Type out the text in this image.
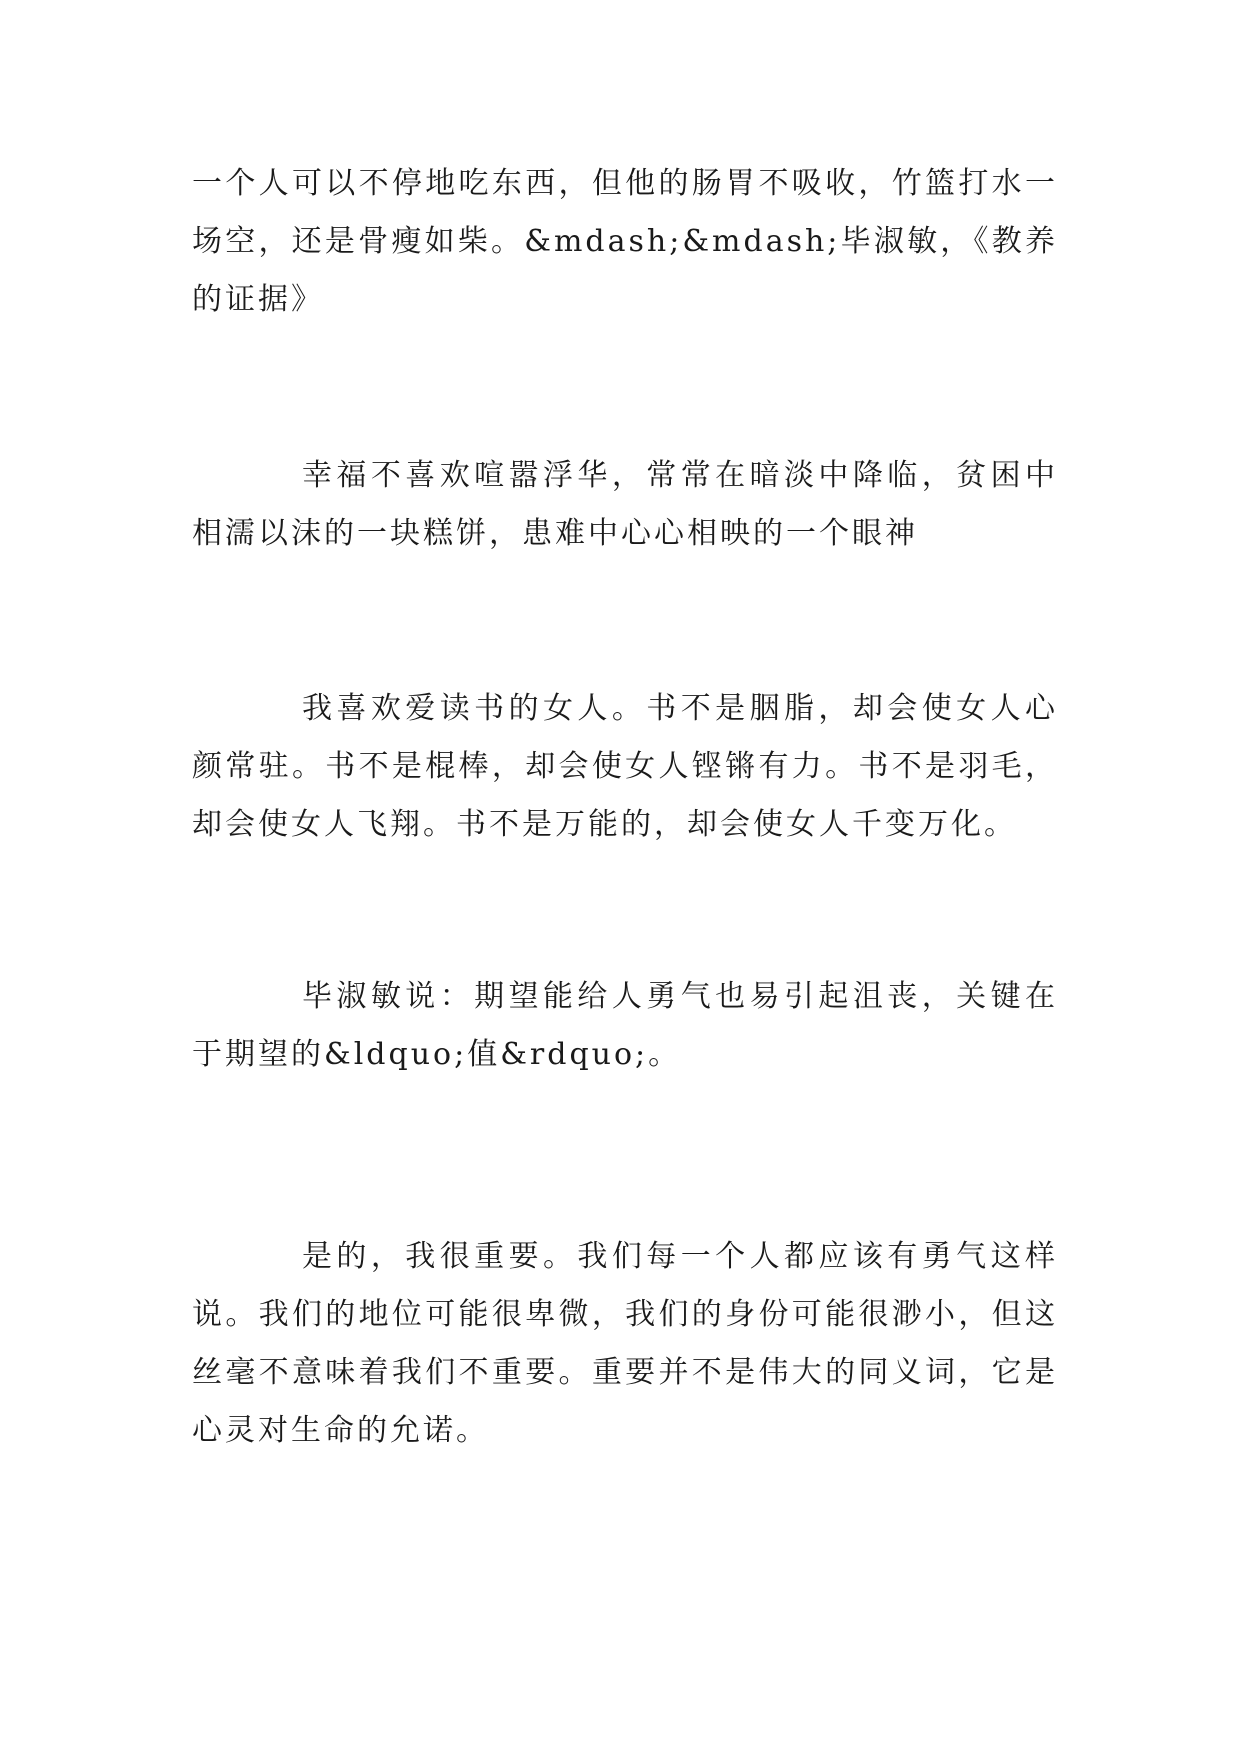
一个人可以不停地吃东西，但他的肠胃不吸收，竹篮打水一场空，还是骨瘦如柴。&mdash;&mdash;毕淑敏，《教养的证据》

幸福不喜欢喧嚣浮华，常常在暗淡中降临，贫困中相濡以沫的一块糕饼，患难中心心相映的一个眼神

我喜欢爱读书的女人。书不是胭脂，却会使女人心颜常驻。书不是棍棒，却会使女人铿锵有力。书不是羽毛，却会使女人飞翔。书不是万能的，却会使女人千变万化。

毕淑敏说：期望能给人勇气也易引起沮丧，关键在于期望的&ldquo;值&rdquo;。

是的，我很重要。我们每一个人都应该有勇气这样说。我们的地位可能很卑微，我们的身份可能很渺小，但这丝毫不意味着我们不重要。重要并不是伟大的同义词，它是心灵对生命的允诺。
